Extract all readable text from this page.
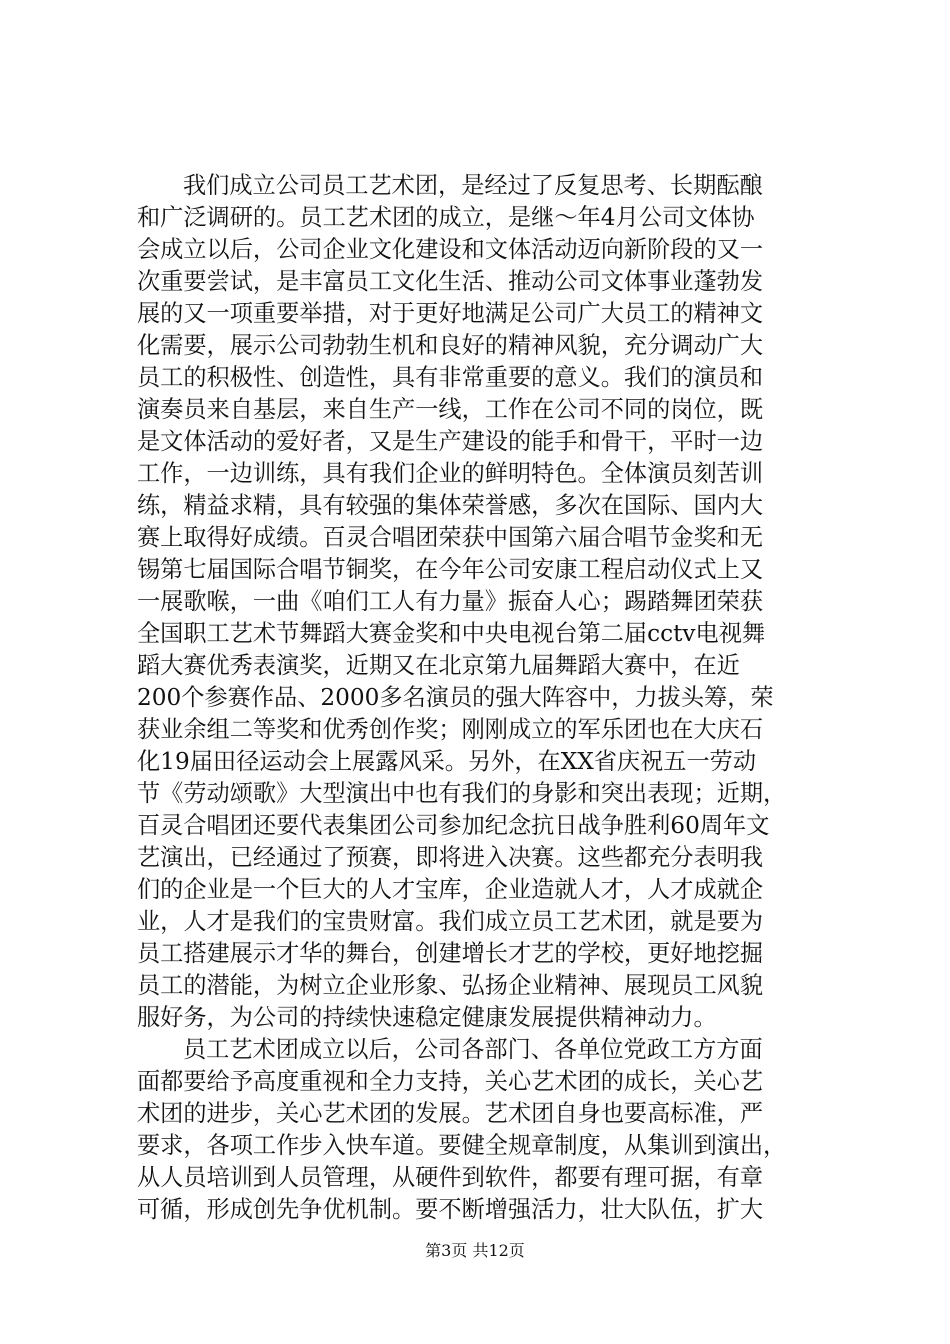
我们成立公司员工艺术团，是经过了反复思考、长期酝酿
和广泛调研的。员工艺术团的成立，是继～年4月公司文体协
会成立以后，公司企业文化建设和文体活动迈向新阶段的又一
次重要尝试，是丰富员工文化生活、推动公司文体事业蓬勃发
展的又一项重要举措，对于更好地满足公司广大员工的精神文
化需要，展示公司勃勃生机和良好的精神风貌，充分调动广大
员工的积极性、创造性，具有非常重要的意义。我们的演员和
演奏员来自基层，来自生产一线，工作在公司不同的岗位，既
是文体活动的爱好者，又是生产建设的能手和骨干，平时一边
工作，一边训练，具有我们企业的鲜明特色。全体演员刻苦训
练，精益求精，具有较强的集体荣誉感，多次在国际、国内大
赛上取得好成绩。百灵合唱团荣获中国第六届合唱节金奖和无
锡第七届国际合唱节铜奖，在今年公司安康工程启动仪式上又
一展歌喉，一曲《咱们工人有力量》振奋人心；踢踏舞团荣获
全国职工艺术节舞蹈大赛金奖和中央电视台第二届cctv电视舞
蹈大赛优秀表演奖，近期又在北京第九届舞蹈大赛中，在近
200个参赛作品、2000多名演员的强大阵容中，力拔头筹，荣
获业余组二等奖和优秀创作奖；刚刚成立的军乐团也在大庆石
化19届田径运动会上展露风采。另外，在XX省庆祝五一劳动
节《劳动颂歌》大型演出中也有我们的身影和突出表现；近期，
百灵合唱团还要代表集团公司参加纪念抗日战争胜利60周年文
艺演出，已经通过了预赛，即将进入决赛。这些都充分表明我
们的企业是一个巨大的人才宝库，企业造就人才，人才成就企
业，人才是我们的宝贵财富。我们成立员工艺术团，就是要为
员工搭建展示才华的舞台，创建增长才艺的学校，更好地挖掘
员工的潜能，为树立企业形象、弘扬企业精神、展现员工风貌
服好务，为公司的持续快速稳定健康发展提供精神动力。
员工艺术团成立以后，公司各部门、各单位党政工方方面
面都要给予高度重视和全力支持，关心艺术团的成长，关心艺
术团的进步，关心艺术团的发展。艺术团自身也要高标准，严
要求，各项工作步入快车道。要健全规章制度，从集训到演出，
从人员培训到人员管理，从硬件到软件，都要有理可据，有章
可循，形成创先争优机制。要不断增强活力，壮大队伍，扩大
第3页 共12页
